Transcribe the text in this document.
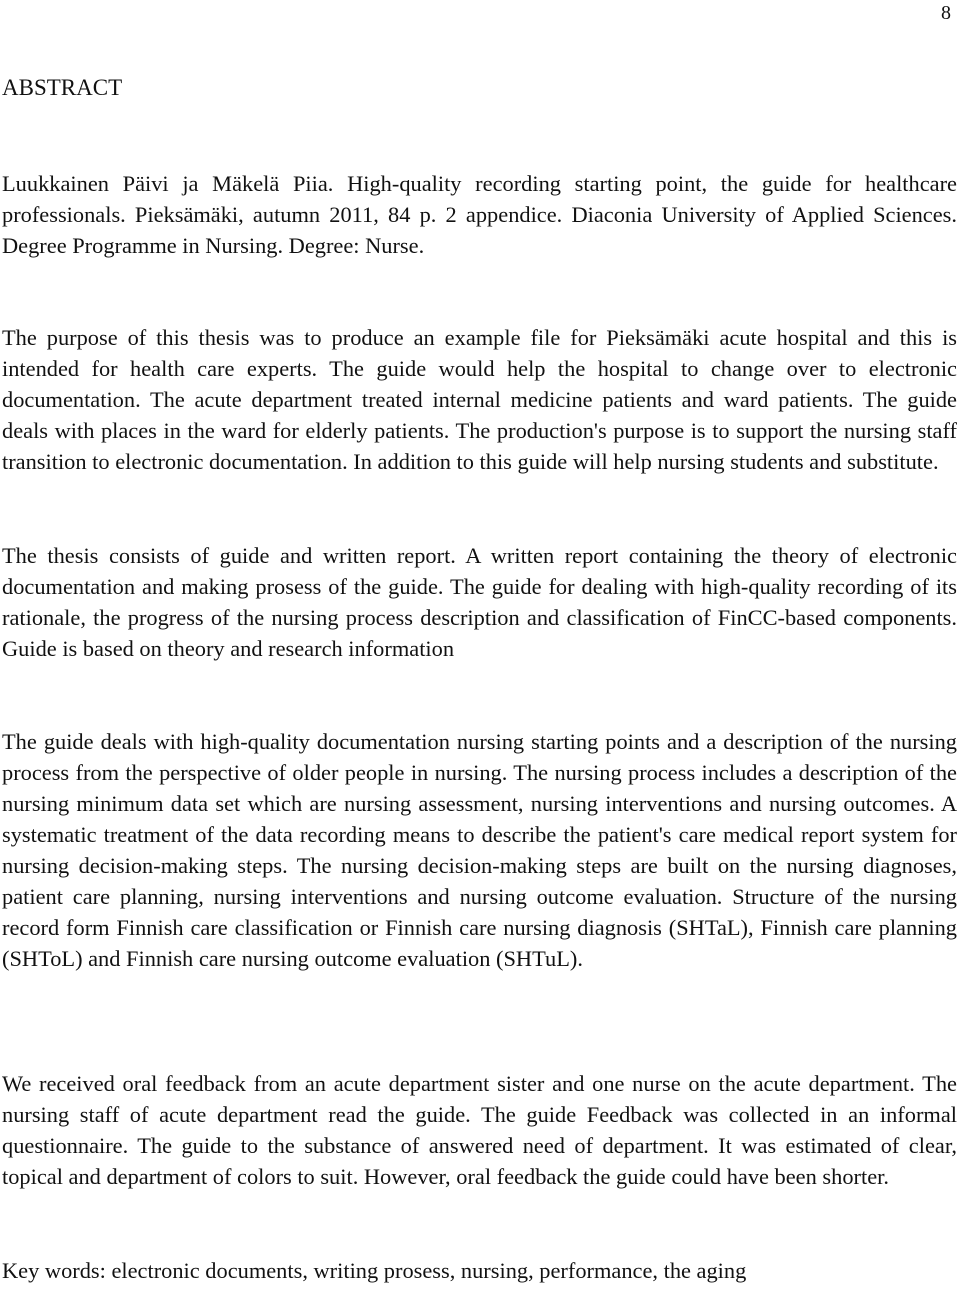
8
ABSTRACT

Luukkainen Päivi ja Mäkelä Piia. High-quality recording starting point, the guide for healthcare professionals. Pieksämäki, autumn 2011, 84 p. 2 appendice. Diaconia University of Applied Sciences. Degree Programme in Nursing. Degree: Nurse.

The purpose of this thesis was to produce an example file for Pieksämäki acute hospital and this is intended for health care experts. The guide would help the hospital to change over to electronic documentation. The acute department treated internal medicine patients and ward patients. The guide deals with places in the ward for elderly patients. The production's purpose is to support the nursing staff transition to electronic documentation. In addition to this guide will help nursing students and substitute.

The thesis consists of guide and written report. A written report containing the theory of electronic documentation and making prosess of the guide. The guide for dealing with high-quality recording of its rationale, the progress of the nursing process description and classification of FinCC-based components. Guide is based on theory and research information

The guide deals with high-quality documentation nursing starting points and a description of the nursing process from the perspective of older people in nursing. The nursing process includes a description of the nursing minimum data set which are nursing assessment, nursing interventions and nursing outcomes. A systematic treatment of the data recording means to describe the patient's care medical report system for nursing decision-making steps. The nursing decision-making steps are built on the nursing diagnoses, patient care planning, nursing interventions and nursing outcome evaluation. Structure of the nursing record form Finnish care classification or Finnish care nursing diagnosis (SHTaL), Finnish care planning (SHToL) and Finnish care nursing outcome evaluation (SHTuL).

We received oral feedback from an acute department sister and one nurse on the acute department. The nursing staff of acute department read the guide. The guide Feedback was collected in an informal questionnaire. The guide to the substance of answered need of department. It was estimated of clear, topical and department of colors to suit. However, oral feedback the guide could have been shorter.

Key words: electronic documents, writing prosess, nursing, performance, the aging
